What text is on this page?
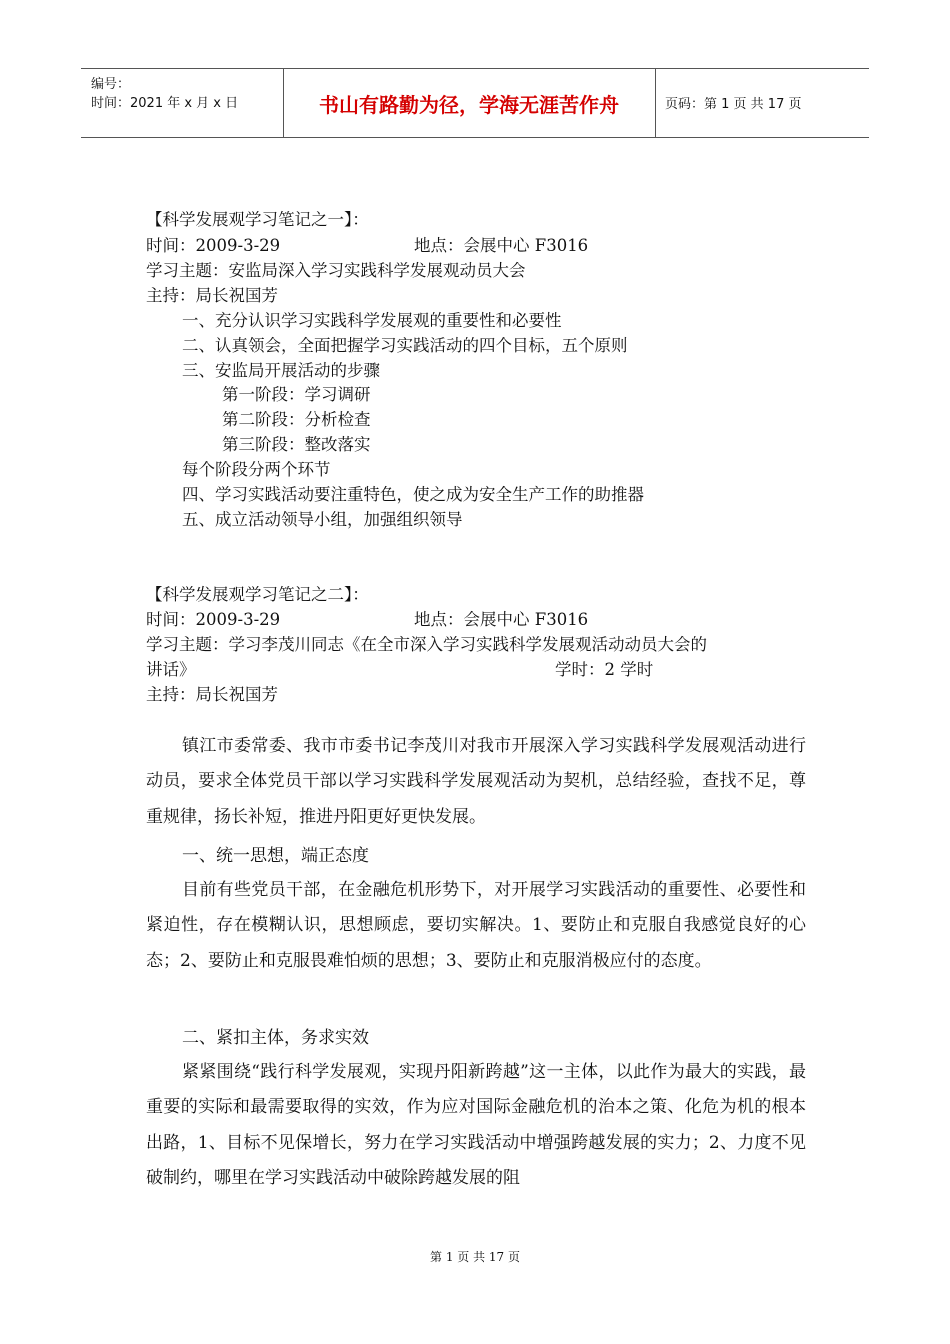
编号：
时间：2021 年 x 月 x 日	书山有路勤为径，学海无涯苦作舟	页码：第 1 页 共 17 页
【科学发展观学习笔记之一】：
时间：2009-3-29	地点：会展中心 F3016
学习主题：安监局深入学习实践科学发展观动员大会
主持：局长祝国芳
一、充分认识学习实践科学发展观的重要性和必要性
二、认真领会，全面把握学习实践活动的四个目标，五个原则
三、安监局开展活动的步骤
第一阶段：学习调研
第二阶段：分析检查
第三阶段：整改落实
每个阶段分两个环节
四、学习实践活动要注重特色，使之成为安全生产工作的助推器
五、成立活动领导小组，加强组织领导
【科学发展观学习笔记之二】：
时间：2009-3-29	地点：会展中心 F3016
学习主题：学习李茂川同志《在全市深入学习实践科学发展观活动动员大会的
讲话》	学时：2 学时
主持：局长祝国芳
镇江市委常委、我市市委书记李茂川对我市开展深入学习实践科学发展观活动进行动员，要求全体党员干部以学习实践科学发展观活动为契机，总结经验，查找不足，尊重规律，扬长补短，推进丹阳更好更快发展。
一、统一思想，端正态度
目前有些党员干部，在金融危机形势下，对开展学习实践活动的重要性、必要性和紧迫性，存在模糊认识，思想顾虑，要切实解决。1、要防止和克服自我感觉良好的心态；2、要防止和克服畏难怕烦的思想；3、要防止和克服消极应付的态度。
二、紧扣主体，务求实效
紧紧围绕“践行科学发展观，实现丹阳新跨越”这一主体，以此作为最大的实践，最重要的实际和最需要取得的实效，作为应对国际金融危机的治本之策、化危为机的根本出路，1、目标不见保增长，努力在学习实践活动中增强跨越发展的实力；2、力度不见破制约，哪里在学习实践活动中破除跨越发展的阻
第 1 页 共 17 页
